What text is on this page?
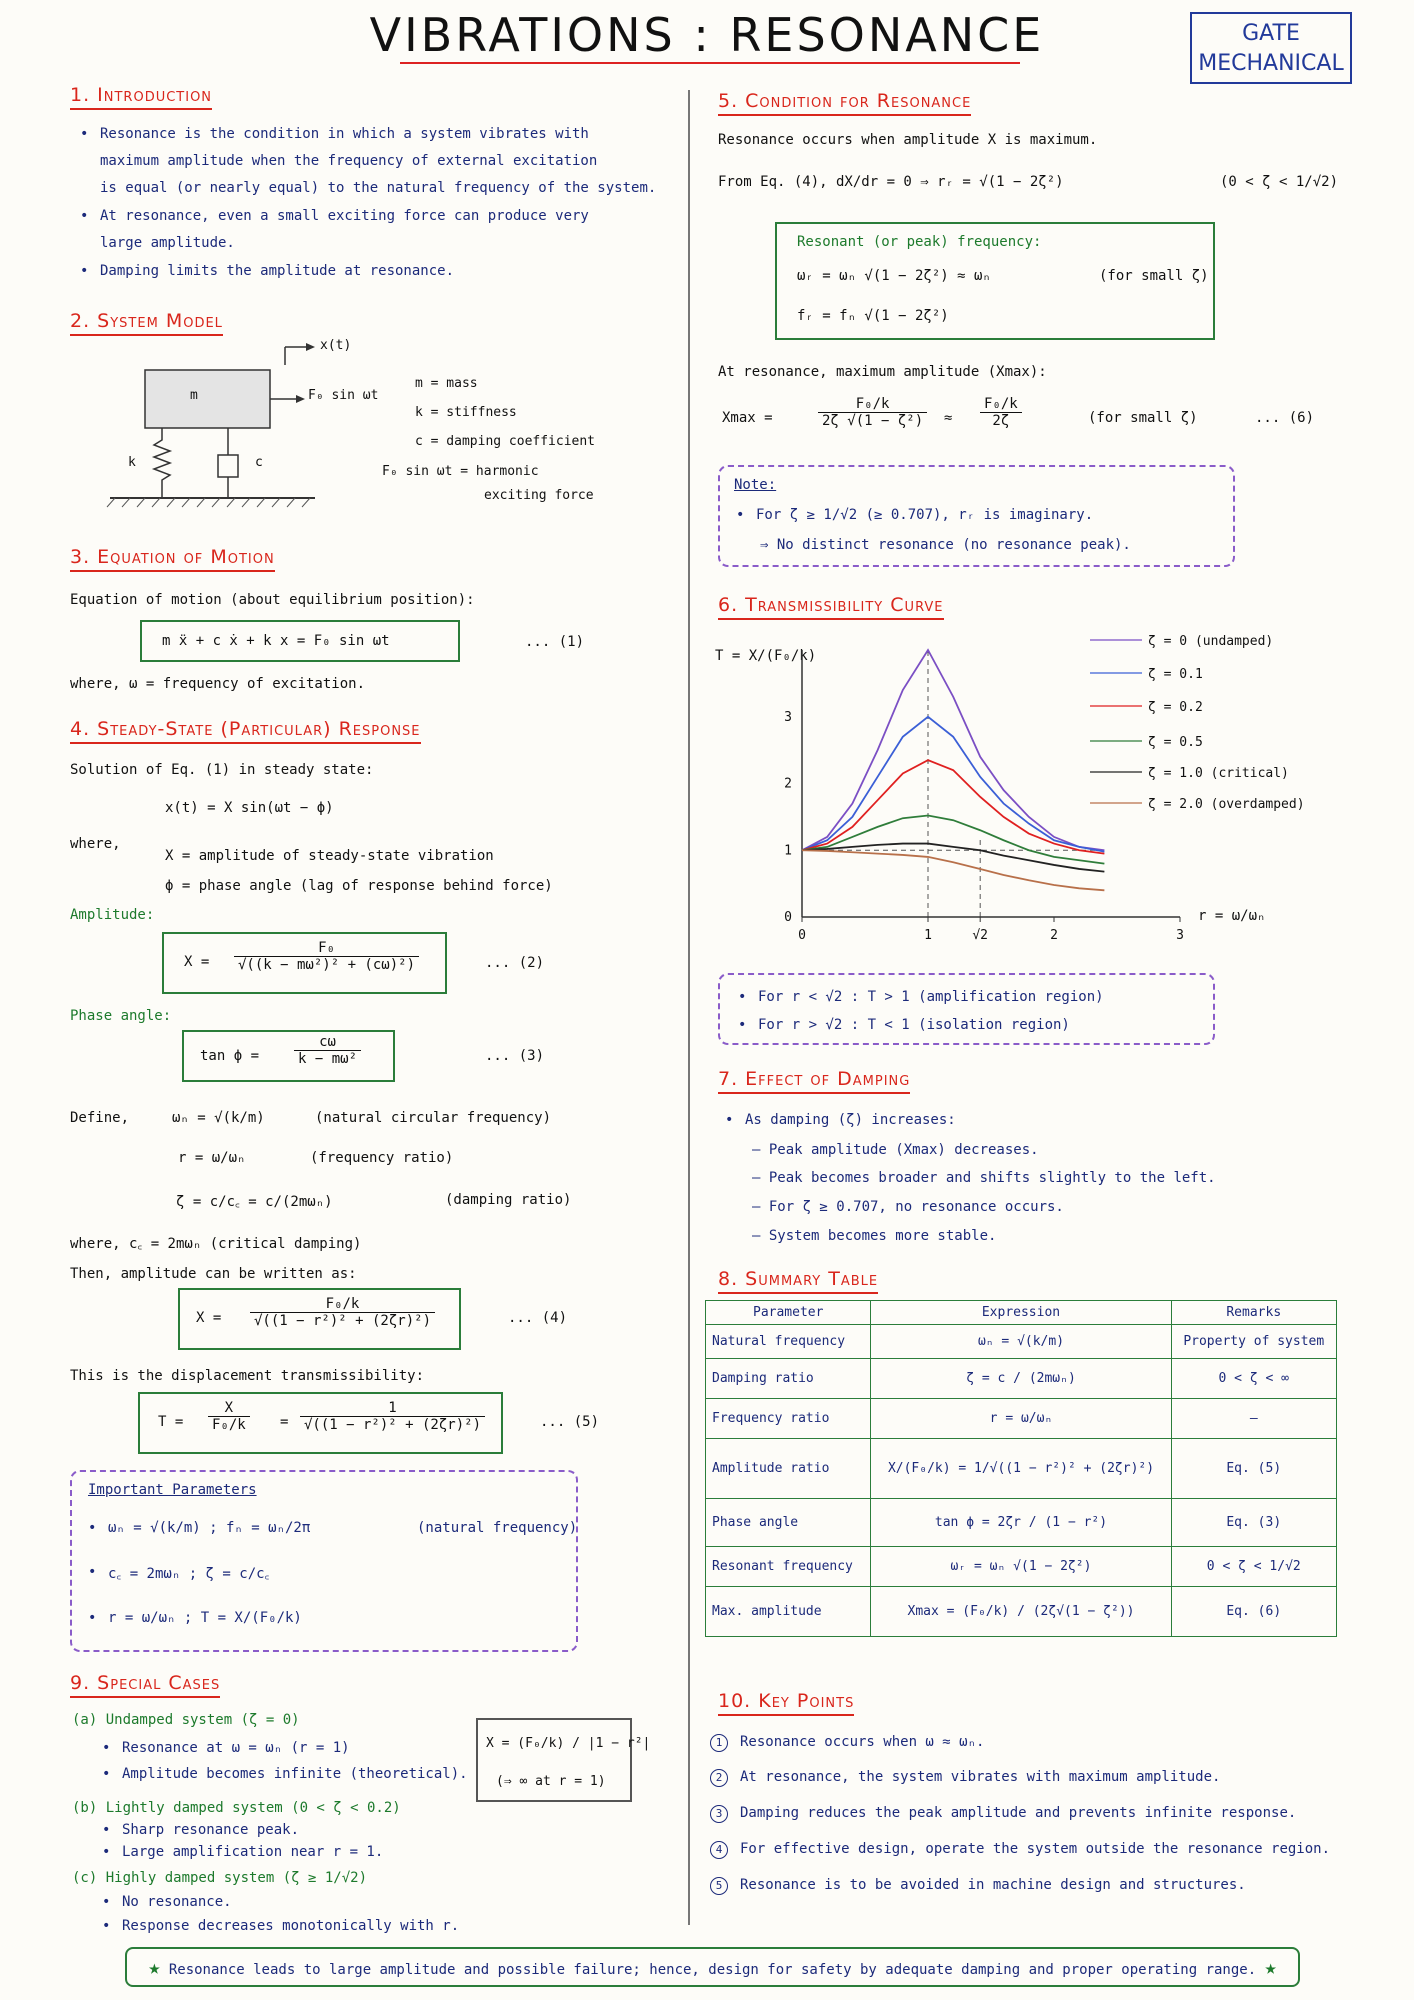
VIBRATIONS : RESONANCE	GATE
MECHANICAL
1. Introduction
• Resonance is the condition in which a system vibrates with
maximum amplitude when the frequency of external excitation
is equal (or nearly equal) to the natural frequency of the system.
• At resonance, even a small exciting force can produce very
large amplitude.
• Damping limits the amplitude at resonance.
2. System Model
m
x(t)
F₀ sin ωt
k	c
m = mass
k = stiffness
c = damping coefficient
F₀ sin ωt = harmonic
exciting force
3. Equation of Motion
Equation of motion (about equilibrium position):
m ẍ + c ẋ + k x = F₀ sin ωt	... (1)
where, ω = frequency of excitation.
4. Steady-State (Particular) Response
Solution of Eq. (1) in steady state:
x(t) = X sin(ωt − ϕ)
where,
X = amplitude of steady-state vibration
ϕ = phase angle (lag of response behind force)
Amplitude:
$X = \frac{\text{F₀}}{\text{√((k − mω²)² + (cω)²)}}$	... (2)
Phase angle:
$\tan \phi = \frac{c\omega}{\text{k − mω²}}$	... (3)
Define,	ωₙ = √(k/m)	(natural circular frequency)
r = ω/ωₙ	(frequency ratio)
ζ = c/c꜀ = c/(2mωₙ)	(damping ratio)
where, c꜀ = 2mωₙ (critical damping)
Then, amplitude can be written as:
$X = \frac{\text{F₀/k}}{\text{√((1 − r²)² + (2ζr)²)}}$	... (4)
This is the displacement transmissibility:
$T = \frac{X}{\text{F₀/k}} = \frac{1}{\text{√((1 − r²)² + (2ζr)²)}}$	... (5)
Important Parameters
• ωₙ = √(k/m) ; fₙ = ωₙ/2π	(natural frequency)
• c꜀ = 2mωₙ ; ζ = c/c꜀
• r = ω/ωₙ ; T = X/(F₀/k)
9. Special Cases
(a) Undamped system (ζ = 0)
• Resonance at ω = ωₙ (r = 1)
• Amplitude becomes infinite (theoretical).
X = (F₀/k) / |1 − r²|
(⇒ ∞ at r = 1)
(b) Lightly damped system (0 < ζ < 0.2)
• Sharp resonance peak.
• Large amplification near r = 1.
(c) Highly damped system (ζ ≥ 1/√2)
• No resonance.
• Response decreases monotonically with r.
5. Condition for Resonance
Resonance occurs when amplitude X is maximum.
From Eq. (4), dX/dr = 0 ⇒ rᵣ = √(1 − 2ζ²)	(0 < ζ < 1/√2)
Resonant (or peak) frequency:
ωᵣ = ωₙ √(1 − 2ζ²) ≈ ωₙ	(for small ζ)
fᵣ = fₙ √(1 − 2ζ²)
At resonance, maximum amplitude (Xmax):
Xmax =	$\frac{\text{F₀/k}}{\text{2ζ √(1 − ζ²)}} \approx \frac{\text{F₀/k}}{2\zeta}$	(for small ζ)	... (6)
Note:
• For ζ ≥ 1/√2 (≥ 0.707), rᵣ is imaginary.
⇒ No distinct resonance (no resonance peak).
6. Transmissibility Curve
T = X/(F₀/k)
r = ω/ωₙ
0	1	√2	2	3
0
1
2
3
ζ = 0 (undamped)
ζ = 0.1
ζ = 0.2
ζ = 0.5
ζ = 1.0 (critical)
ζ = 2.0 (overdamped)
• For r < √2 : T > 1 (amplification region)
• For r > √2 : T < 1 (isolation region)
7. Effect of Damping
• As damping (ζ) increases:
– Peak amplitude (Xmax) decreases.
– Peak becomes broader and shifts slightly to the left.
– For ζ ≥ 0.707, no resonance occurs.
– System becomes more stable.
8. Summary Table
Parameter	Expression	Remarks
Natural frequency	ωₙ = √(k/m)	Property of system
Damping ratio	ζ = c / (2mωₙ)	0 < ζ < ∞
Frequency ratio	r = ω/ωₙ	–
Amplitude ratio	X/(F₀/k) = 1/√((1 − r²)² + (2ζr)²)	Eq. (5)
Phase angle	tan ϕ = 2ζr / (1 − r²)	Eq. (3)
Resonant frequency	ωᵣ = ωₙ √(1 − 2ζ²)	0 < ζ < 1/√2
Max. amplitude	Xmax = (F₀/k) / (2ζ√(1 − ζ²))	Eq. (6)
10. Key Points
1 Resonance occurs when ω ≈ ωₙ.
2 At resonance, the system vibrates with maximum amplitude.
3 Damping reduces the peak amplitude and prevents infinite response.
4 For effective design, operate the system outside the resonance region.
5 Resonance is to be avoided in machine design and structures.
★ Resonance leads to large amplitude and possible failure; hence, design for safety by adequate damping and proper operating range. ★
